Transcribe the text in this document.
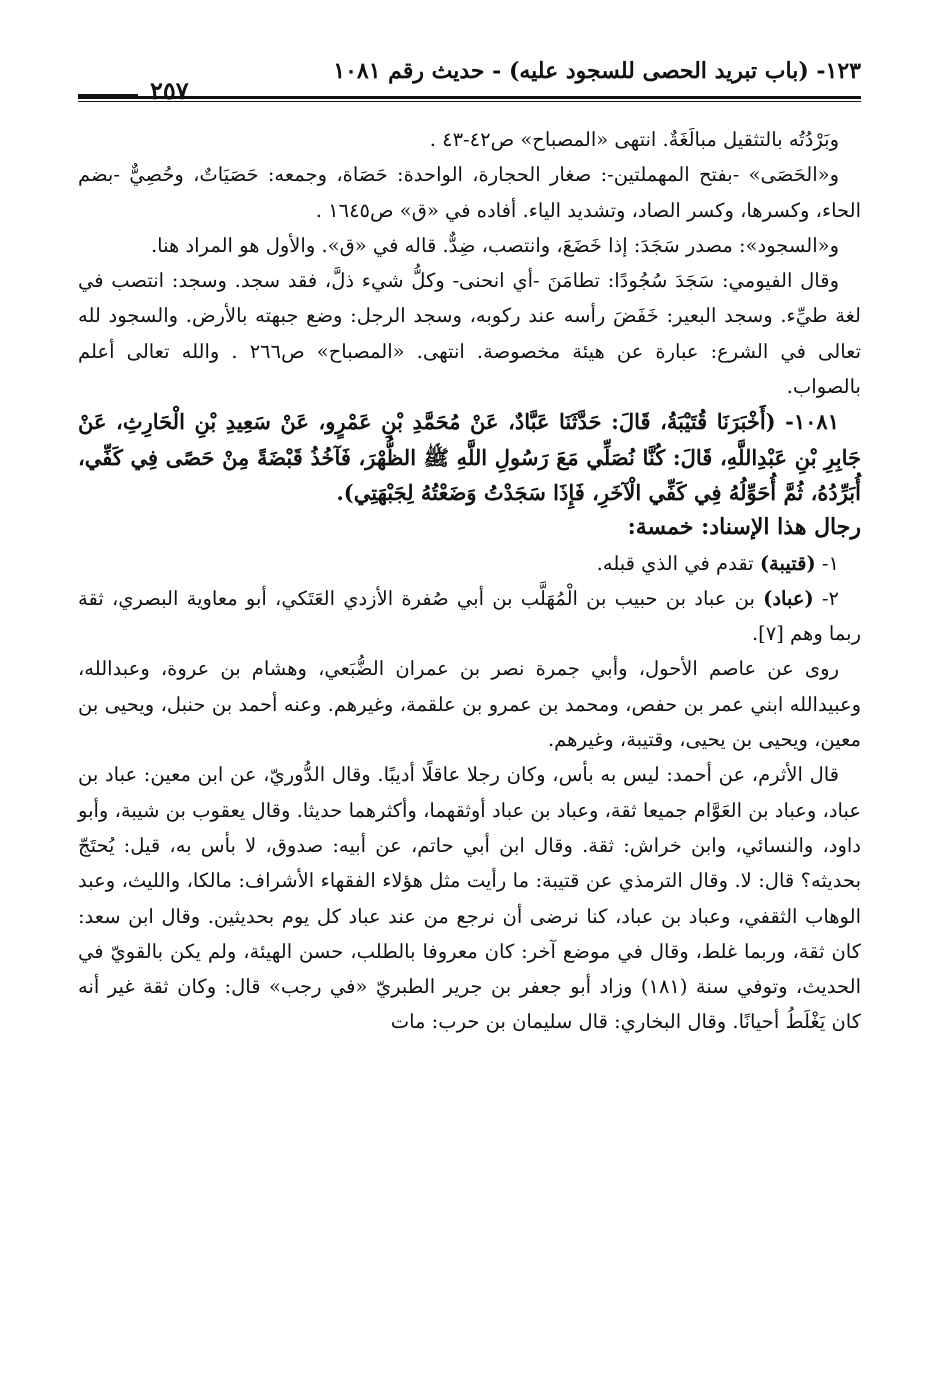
١٢٣- (باب تبريد الحصى للسجود عليه) - حديث رقم ١٠٨١
٢٥٧

وبَرْدُتُه بالتثقيل مبالَغَةٌ. انتهى «المصباح» ص٤٢-٤٣ .

و«الحَصَى» -بفتح المهملتين-: صغار الحجارة، الواحدة: حَصَاة، وجمعه: حَصَيَاتٌ، وحُصِيٌّ -بضم الحاء، وكسرها، وكسر الصاد، وتشديد الياء. أفاده في «ق» ص١٦٤٥ .

و«السجود»: مصدر سَجَدَ: إذا خَضَعَ، وانتصب، ضِدٌّ. قاله في «ق». والأول هو المراد هنا.

وقال الفيومي: سَجَدَ سُجُودًا: تطامَنَ -أي انحنى- وكلُّ شيء ذلَّ، فقد سجد. وسجد: انتصب في لغة طيِّء. وسجد البعير: خَفَضَ رأسه عند ركوبه، وسجد الرجل: وضع جبهته بالأرض. والسجود لله تعالى في الشرع: عبارة عن هيئة مخصوصة. انتهى. «المصباح» ص٢٦٦ . والله تعالى أعلم بالصواب.

١٠٨١- (أَخْبَرَنَا قُتَيْبَةُ، قَالَ: حَدَّثَنَا عَبَّادٌ، عَنْ مُحَمَّدِ بْنِ عَمْرٍو، عَنْ سَعِيدِ بْنِ الْحَارِثِ، عَنْ جَابِرِ بْنِ عَبْدِاللَّهِ، قَالَ: كُنَّا نُصَلِّي مَعَ رَسُولِ اللَّهِ ﷺ الظُّهْرَ، فَآخُذُ قَبْضَةً مِنْ حَصًى فِي كَفِّي، أُبَرِّدُهُ، ثُمَّ أُحَوِّلُهُ فِي كَفِّي الْآخَرِ، فَإِذَا سَجَدْتُ وَضَعْتُهُ لِجَبْهَتِي).

رجال هذا الإسناد: خمسة:

١- (قتيبة) تقدم في الذي قبله.

٢- (عباد) بن عباد بن حبيب بن الْمُهَلَّب بن أبي صُفرة الأزدي العَتَكي، أبو معاوية البصري، ثقة ربما وهم [٧].

روى عن عاصم الأحول، وأبي جمرة نصر بن عمران الضُّبَعي، وهشام بن عروة، وعبدالله، وعبيدالله ابني عمر بن حفص، ومحمد بن عمرو بن علقمة، وغيرهم. وعنه أحمد بن حنبل، ويحيى بن معين، ويحيى بن يحيى، وقتيبة، وغيرهم.

قال الأثرم، عن أحمد: ليس به بأس، وكان رجلا عاقلًا أديبًا. وقال الدُّوريّ، عن ابن معين: عباد بن عباد، وعباد بن العَوَّام جميعا ثقة، وعباد بن عباد أوثقهما، وأكثرهما حديثا. وقال يعقوب بن شيبة، وأبو داود، والنسائي، وابن خراش: ثقة. وقال ابن أبي حاتم، عن أبيه: صدوق، لا بأس به، قيل: يُحتَجّ بحديثه؟ قال: لا. وقال الترمذي عن قتيبة: ما رأيت مثل هؤلاء الفقهاء الأشراف: مالكا، والليث، وعبد الوهاب الثقفي، وعباد بن عباد، كنا نرضى أن نرجع من عند عباد كل يوم بحديثين. وقال ابن سعد: كان ثقة، وربما غلط، وقال في موضع آخر: كان معروفا بالطلب، حسن الهيئة، ولم يكن بالقويّ في الحديث، وتوفي سنة (١٨١) وزاد أبو جعفر بن جرير الطبريّ «في رجب» قال: وكان ثقة غير أنه كان يَغْلَطُ أحيانًا. وقال البخاري: قال سليمان بن حرب: مات
